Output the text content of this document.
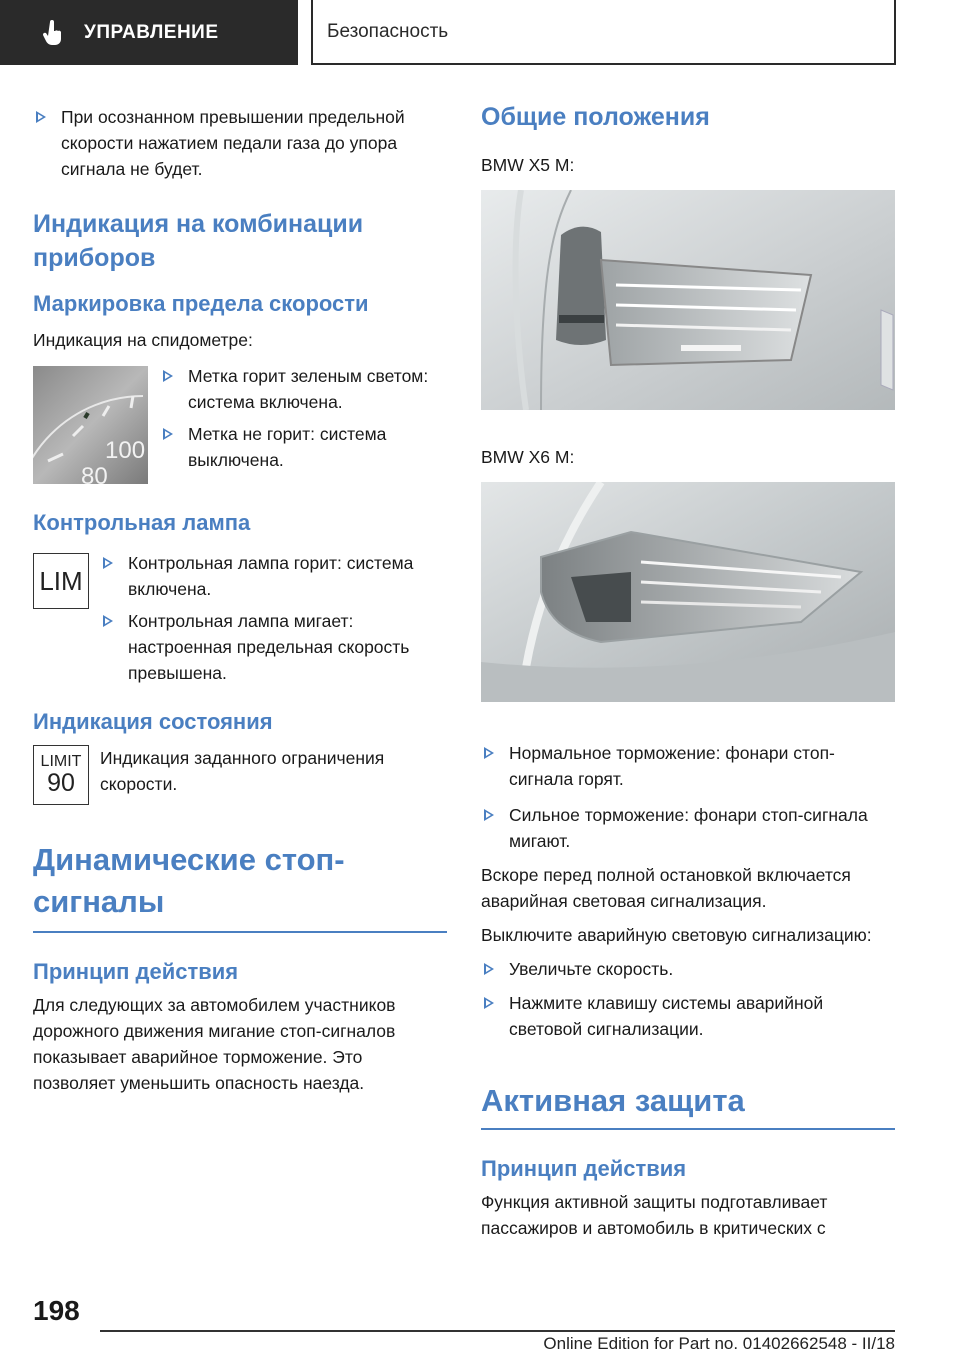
УПРАВЛЕНИЕ	Безопасность
При осознанном превышении предельной скорости нажатием педали газа до упора сигнала не будет.
Индикация на комбинации приборов
Маркировка предела скорости
Индикация на спидометре:
100
80
Метка горит зеленым светом: система включена.
Метка не горит: система выключена.
Контрольная лампа
LIM
Контрольная лампа горит: система включена.
Контрольная лампа мигает: настроенная предельная скорость превышена.
Индикация состояния
LIMIT
90
Индикация заданного ограничения скорости.
Динамические стоп-сигналы
Принцип действия
Для следующих за автомобилем участников дорожного движения мигание стоп-сигналов показывает аварийное торможение. Это позволяет уменьшить опасность наезда.
Общие положения
BMW X5 M:
BMW X6 M:
Нормальное торможение: фонари стоп-сигнала горят.
Сильное торможение: фонари стоп-сигнала мигают.
Вскоре перед полной остановкой включается аварийная световая сигнализация.
Выключите аварийную световую сигнализацию:
Увеличьте скорость.
Нажмите клавишу системы аварийной световой сигнализации.
Активная защита
Принцип действия
Функция активной защиты подготавливает пассажиров и автомобиль в критических с
198
Online Edition for Part no. 01402662548 - II/18
